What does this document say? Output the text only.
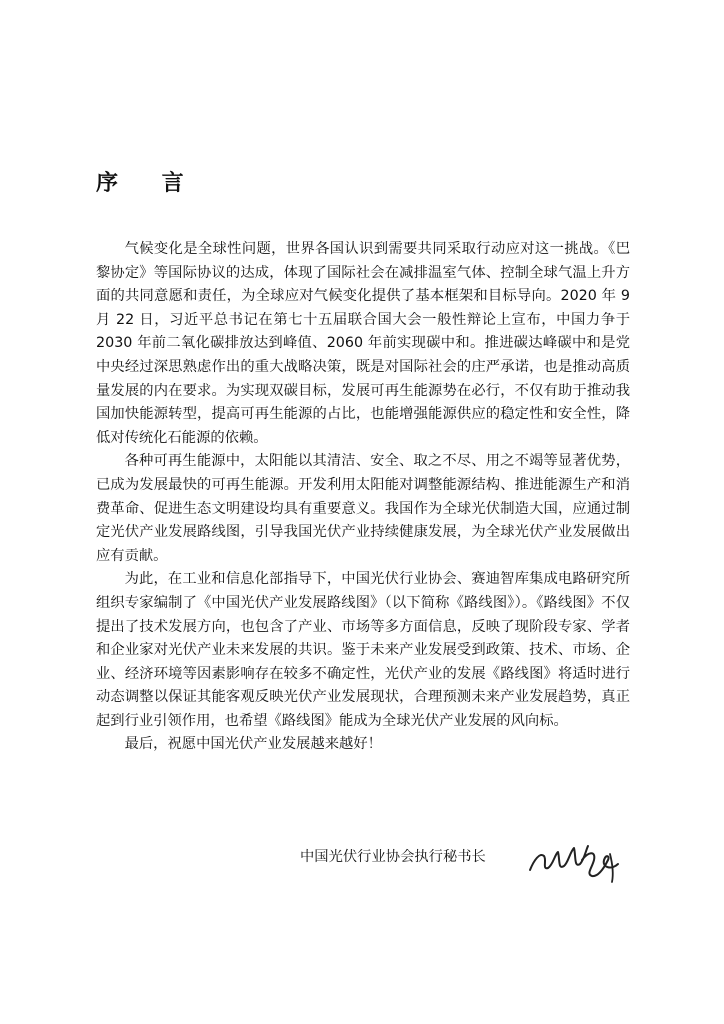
序 言

气候变化是全球性问题，世界各国认识到需要共同采取行动应对这一挑战。《巴黎协定》等国际协议的达成，体现了国际社会在减排温室气体、控制全球气温上升方面的共同意愿和责任，为全球应对气候变化提供了基本框架和目标导向。2020 年 9 月 22 日，习近平总书记在第七十五届联合国大会一般性辩论上宣布，中国力争于 2030 年前二氧化碳排放达到峰值、2060 年前实现碳中和。推进碳达峰碳中和是党中央经过深思熟虑作出的重大战略决策，既是对国际社会的庄严承诺，也是推动高质量发展的内在要求。为实现双碳目标，发展可再生能源势在必行，不仅有助于推动我国加快能源转型，提高可再生能源的占比，也能增强能源供应的稳定性和安全性，降低对传统化石能源的依赖。

各种可再生能源中，太阳能以其清洁、安全、取之不尽、用之不竭等显著优势，已成为发展最快的可再生能源。开发利用太阳能对调整能源结构、推进能源生产和消费革命、促进生态文明建设均具有重要意义。我国作为全球光伏制造大国，应通过制定光伏产业发展路线图，引导我国光伏产业持续健康发展，为全球光伏产业发展做出应有贡献。

为此，在工业和信息化部指导下，中国光伏行业协会、赛迪智库集成电路研究所组织专家编制了《中国光伏产业发展路线图》（以下简称《路线图》）。《路线图》不仅提出了技术发展方向，也包含了产业、市场等多方面信息，反映了现阶段专家、学者和企业家对光伏产业未来发展的共识。鉴于未来产业发展受到政策、技术、市场、企业、经济环境等因素影响存在较多不确定性，光伏产业的发展《路线图》将适时进行动态调整以保证其能客观反映光伏产业发展现状，合理预测未来产业发展趋势，真正起到行业引领作用，也希望《路线图》能成为全球光伏产业发展的风向标。

最后，祝愿中国光伏产业发展越来越好！

中国光伏行业协会执行秘书长
